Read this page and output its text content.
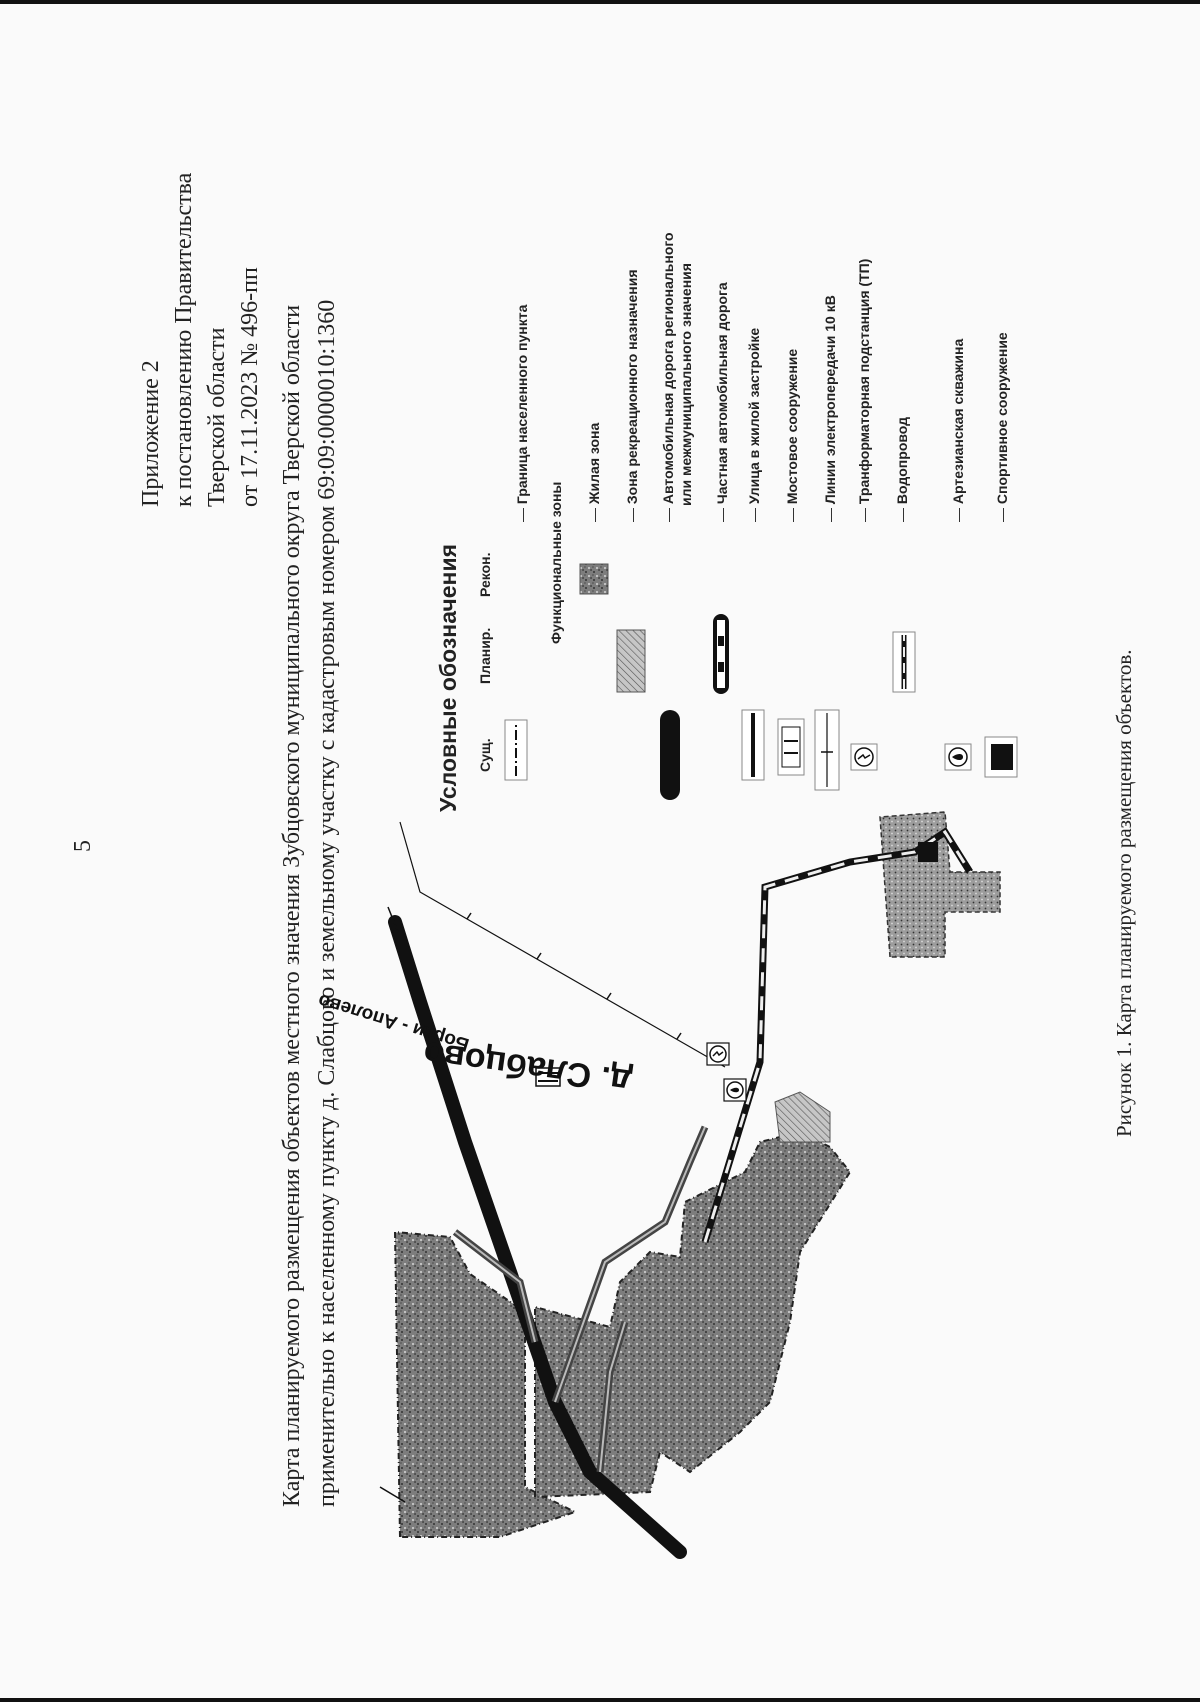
5
Приложение 2 к постановлению Правительства Тверской области от 17.11.2023 № 496-пп Карта планируемого размещения объектов местного значения Зубцовского муниципального округа Тверской области применительно к населенному пункту д. Слабцово и земельному участку с кадастровым номером 69:09:0000010:1360 д. Слабцово
Борки - Аполево
Условные обозначения Сущ.
Планир.
Рекон.	Функциональные зоны
— Граница населенного пункта	— Жилая зона — Зона рекреационного назначения — Автомобильная дорога регионального или межмуниципального значения — Частная автомобильная дорога — Улица в жилой застройке — Мостовое сооружение — Линии электропередачи 10 кВ — Транформаторная подстанция (ТП) — Водопровод	— Артезианская скважина — Спортивное сооружение
Рисунок 1. Карта планируемого размещения объектов.
